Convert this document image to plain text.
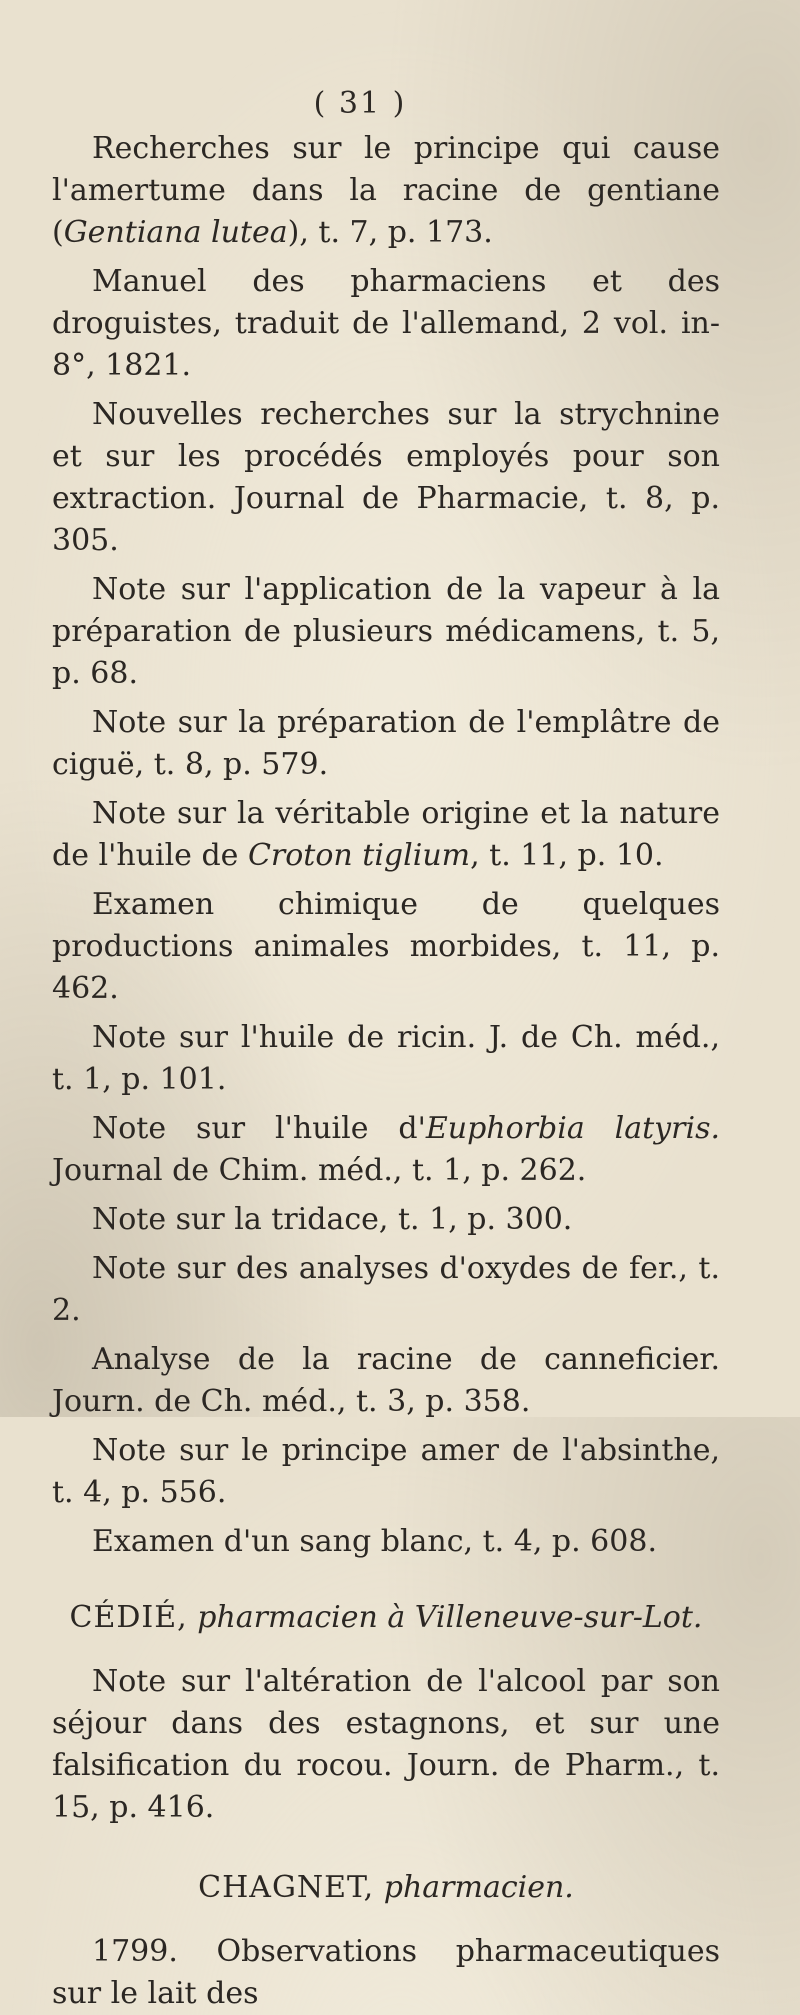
( 31 )

Recherches sur le principe qui cause l'amertume dans la racine de gentiane (Gentiana lutea), t. 7, p. 173.

Manuel des pharmaciens et des droguistes, traduit de l'allemand, 2 vol. in-8°, 1821.

Nouvelles recherches sur la strychnine et sur les procédés employés pour son extraction. Journal de Pharmacie, t. 8, p. 305.

Note sur l'application de la vapeur à la préparation de plusieurs médicamens, t. 5, p. 68.

Note sur la préparation de l'emplâtre de ciguë, t. 8, p. 579.

Note sur la véritable origine et la nature de l'huile de Croton tiglium, t. 11, p. 10.

Examen chimique de quelques productions animales morbides, t. 11, p. 462.

Note sur l'huile de ricin. J. de Ch. méd., t. 1, p. 101.

Note sur l'huile d'Euphorbia latyris. Journal de Chim. méd., t. 1, p. 262.

Note sur la tridace, t. 1, p. 300.

Note sur des analyses d'oxydes de fer., t. 2.

Analyse de la racine de canneficier. Journ. de Ch. méd., t. 3, p. 358.

Note sur le principe amer de l'absinthe, t. 4, p. 556.

Examen d'un sang blanc, t. 4, p. 608.

CÉDIÉ, pharmacien à Villeneuve-sur-Lot.

Note sur l'altération de l'alcool par son séjour dans des estagnons, et sur une falsification du rocou. Journ. de Pharm., t. 15, p. 416.

CHAGNET, pharmacien.

1799. Observations pharmaceutiques sur le lait des
